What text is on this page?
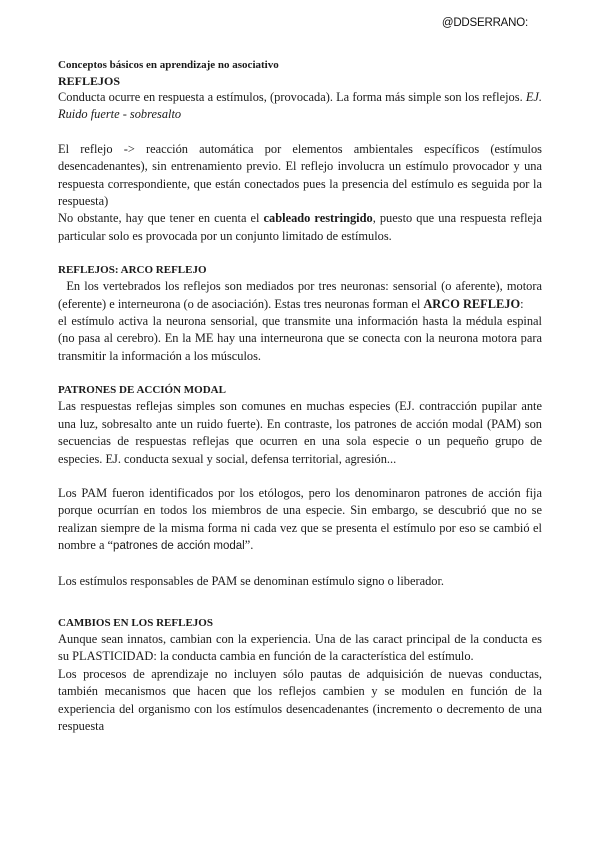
@DDSERRANO:

Conceptos básicos en aprendizaje no asociativo

REFLEJOS

Conducta ocurre en respuesta a estímulos, (provocada). La forma más simple son los reflejos. EJ. Ruido fuerte - sobresalto

El reflejo -> reacción automática por elementos ambientales específicos (estímulos desencadenantes), sin entrenamiento previo. El reflejo involucra un estímulo provocador y una respuesta correspondiente, que están conectados pues la presencia del estímulo es seguida por la respuesta)

No obstante, hay que tener en cuenta el cableado restringido, puesto que una respuesta refleja particular solo es provocada por un conjunto limitado de estímulos.

REFLEJOS: ARCO REFLEJO

En los vertebrados los reflejos son mediados por tres neuronas: sensorial (o aferente), motora (eferente) e interneurona (o de asociación). Estas tres neuronas forman el ARCO REFLEJO:

el estímulo activa la neurona sensorial, que transmite una información hasta la médula espinal (no pasa al cerebro). En la ME hay una interneurona que se conecta con la neurona motora para transmitir la información a los músculos.

PATRONES DE ACCIÓN MODAL

Las respuestas reflejas simples son comunes en muchas especies (EJ. contracción pupilar ante una luz, sobresalto ante un ruido fuerte). En contraste, los patrones de acción modal (PAM) son secuencias de respuestas reflejas que ocurren en una sola especie o un pequeño grupo de especies. EJ. conducta sexual y social, defensa territorial, agresión...

Los PAM fueron identificados por los etólogos, pero los denominaron patrones de acción fija porque ocurrían en todos los miembros de una especie. Sin embargo, se descubrió que no se realizan siempre de la misma forma ni cada vez que se presenta el estímulo por eso se cambió el nombre a “patrones de acción modal”.

Los estímulos responsables de PAM se denominan estímulo signo o liberador.

CAMBIOS EN LOS REFLEJOS

Aunque sean innatos, cambian con la experiencia. Una de las caract principal de la conducta es su PLASTICIDAD: la conducta cambia en función de la característica del estímulo.

Los procesos de aprendizaje no incluyen sólo pautas de adquisición de nuevas conductas, también mecanismos que hacen que los reflejos cambien y se modulen en función de la experiencia del organismo con los estímulos desencadenantes (incremento o decremento de una respuesta
